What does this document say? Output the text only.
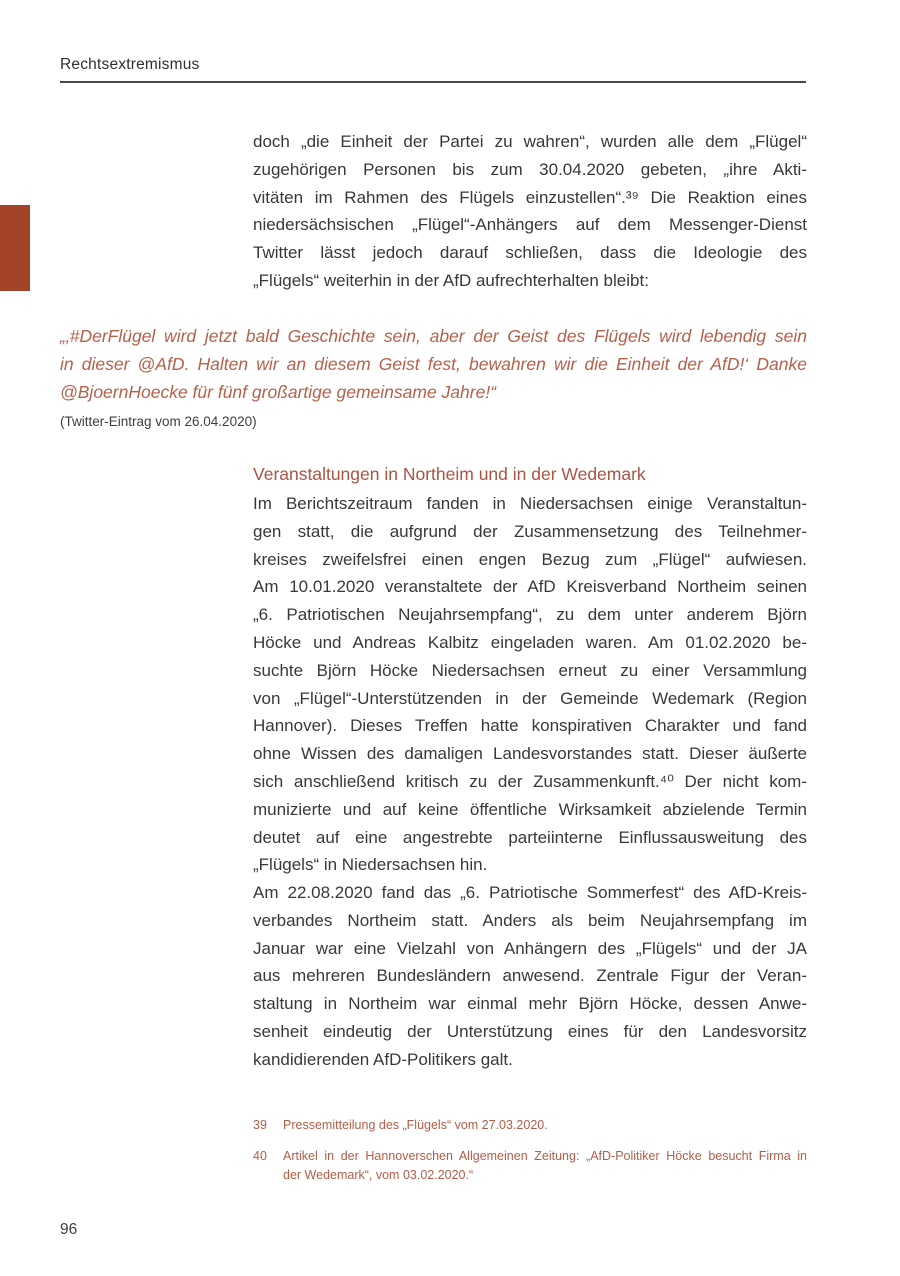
Rechtsextremismus
doch „die Einheit der Partei zu wahren“, wurden alle dem „Flügel“
zugehörigen Personen bis zum 30.04.2020 gebeten, „ihre Akti-
vitäten im Rahmen des Flügels einzustellen“.³⁹ Die Reaktion eines
niedersächsischen „Flügel“-Anhängers auf dem Messenger-Dienst
Twitter lässt jedoch darauf schließen, dass die Ideologie des
„Flügels“ weiterhin in der AfD aufrechterhalten bleibt:
„‚#DerFlügel wird jetzt bald Geschichte sein, aber der Geist des Flügels wird lebendig sein
in dieser @AfD. Halten wir an diesem Geist fest, bewahren wir die Einheit der AfD!‘ Danke
@BjoernHoecke für fünf großartige gemeinsame Jahre!“
(Twitter-Eintrag vom 26.04.2020)
Veranstaltungen in Northeim und in der Wedemark
Im Berichtszeitraum fanden in Niedersachsen einige Veranstaltun-
gen statt, die aufgrund der Zusammensetzung des Teilnehmer-
kreises zweifelsfrei einen engen Bezug zum „Flügel“ aufwiesen.
Am 10.01.2020 veranstaltete der AfD Kreisverband Northeim seinen
„6. Patriotischen Neujahrsempfang“, zu dem unter anderem Björn
Höcke und Andreas Kalbitz eingeladen waren. Am 01.02.2020 be-
suchte Björn Höcke Niedersachsen erneut zu einer Versammlung
von „Flügel“-Unterstützenden in der Gemeinde Wedemark (Region
Hannover). Dieses Treffen hatte konspirativen Charakter und fand
ohne Wissen des damaligen Landesvorstandes statt. Dieser äußerte
sich anschließend kritisch zu der Zusammenkunft.⁴⁰ Der nicht kom-
munizierte und auf keine öffentliche Wirksamkeit abzielende Termin
deutet auf eine angestrebte parteiinterne Einflussausweitung des
„Flügels“ in Niedersachsen hin.
Am 22.08.2020 fand das „6. Patriotische Sommerfest“ des AfD-Kreis-
verbandes Northeim statt. Anders als beim Neujahrsempfang im
Januar war eine Vielzahl von Anhängern des „Flügels“ und der JA
aus mehreren Bundesländern anwesend. Zentrale Figur der Veran-
staltung in Northeim war einmal mehr Björn Höcke, dessen Anwe-
senheit eindeutig der Unterstützung eines für den Landesvorsitz
kandidierenden AfD-Politikers galt.
39	Pressemitteilung des „Flügels“ vom 27.03.2020.
40	Artikel in der Hannoverschen Allgemeinen Zeitung: „AfD-Politiker Höcke besucht Firma in
der Wedemark“, vom 03.02.2020.“
96
